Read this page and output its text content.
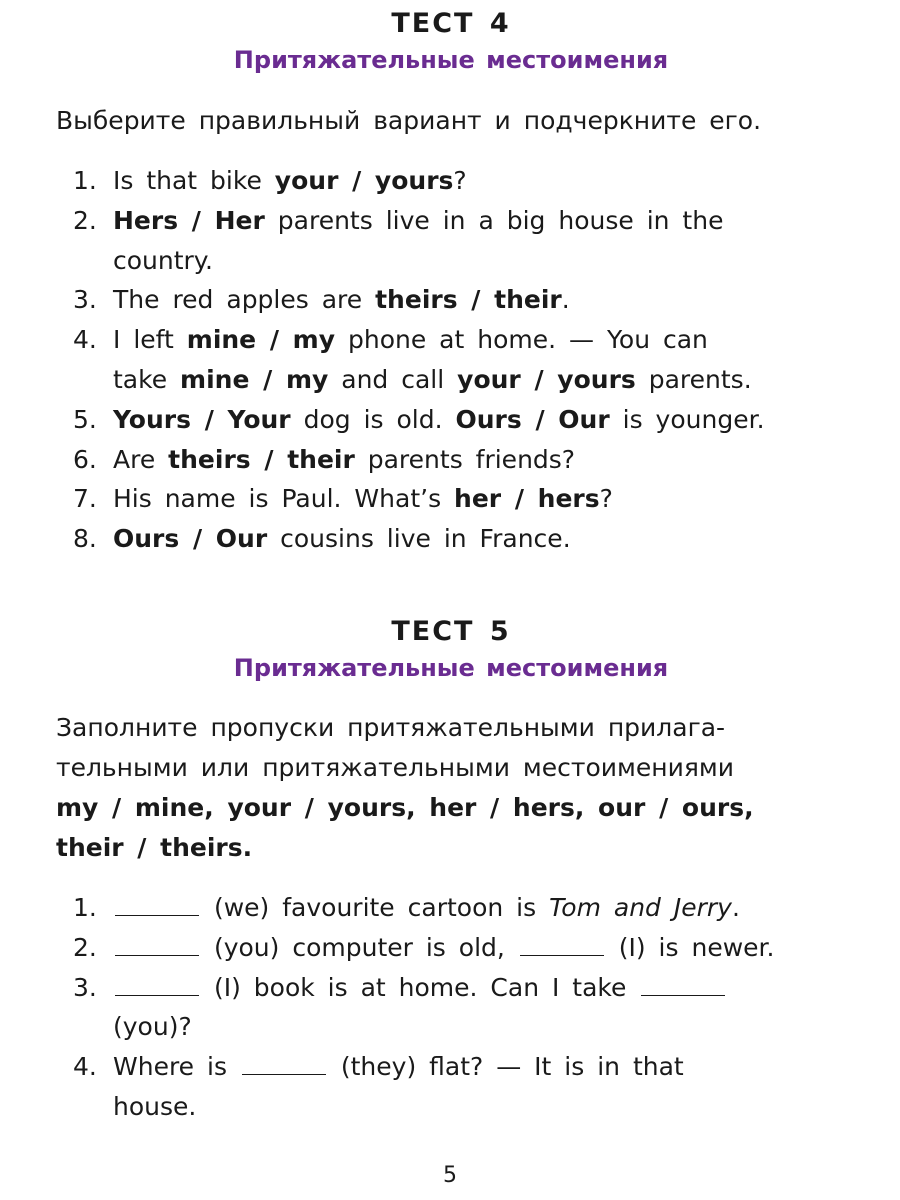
ТЕСТ 4
Притяжательные местоимения

Выберите правильный вариант и подчеркните его.

1. Is that bike your / yours?
2. Hers / Her parents live in a big house in the
country.
3. The red apples are theirs / their.
4. I left mine / my phone at home. — You can
take mine / my and call your / yours parents.
5. Yours / Your dog is old. Ours / Our is younger.
6. Are theirs / their parents friends?
7. His name is Paul. What’s her / hers?
8. Ours / Our cousins live in France.
ТЕСТ 5
Притяжательные местоимения
Заполните пропуски притяжательными прилага-
тельными или притяжательными местоимениями
my / mine, your / yours, her / hers, our / ours,
their / theirs.
1.	(we) favourite cartoon is Tom and Jerry.
2.	(you) computer is old,	(I) is newer.
3.	(I) book is at home. Can I take
(you)?
4. Where is	(they) flat? — It is in that
house.
5
